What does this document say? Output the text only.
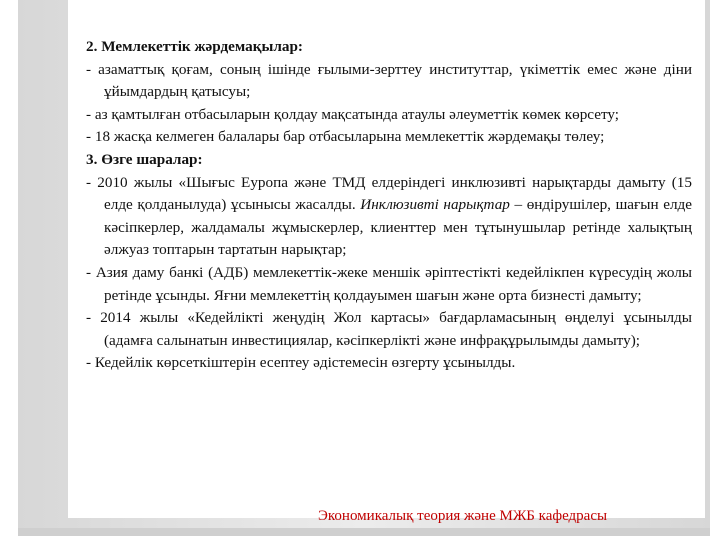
2. Мемлекеттік жәрдемақылар:

- азаматтық қоғам, соның ішінде ғылыми-зерттеу институттар, үкіметтік емес және діни ұйымдардың қатысуы;

- аз қамтылған отбасыларын қолдау мақсатында атаулы әлеуметтік көмек көрсету;

- 18 жасқа келмеген балалары бар отбасыларына мемлекеттік жәрдемақы төлеу;

3. Өзге шаралар:

- 2010 жылы «Шығыс Еуропа және ТМД елдеріндегі инклюзивті нарықтарды дамыту (15 елде қолданылуда) ұсынысы жасалды. Инклюзивті нарықтар – өндірушілер, шағын елде кәсіпкерлер, жалдамалы жұмыскерлер, клиенттер мен тұтынушылар ретінде халықтың әлжуаз топтарын тартатын нарықтар;

- Азия даму банкі (АДБ) мемлекеттік-жеке меншік әріптестікті кедейлікпен күресудің жолы ретінде ұсынды. Яғни мемлекеттің қолдауымен шағын және орта бизнесті дамыту;

- 2014 жылы «Кедейлікті жеңудің Жол картасы» бағдарламасының өңделуі ұсынылды (адамға салынатын инвестициялар, кәсіпкерлікті және инфрақұрылымды дамыту);

- Кедейлік көрсеткіштерін есептеу әдістемесін өзгерту ұсынылды.

Экономикалық теория және МЖБ кафедрасы
